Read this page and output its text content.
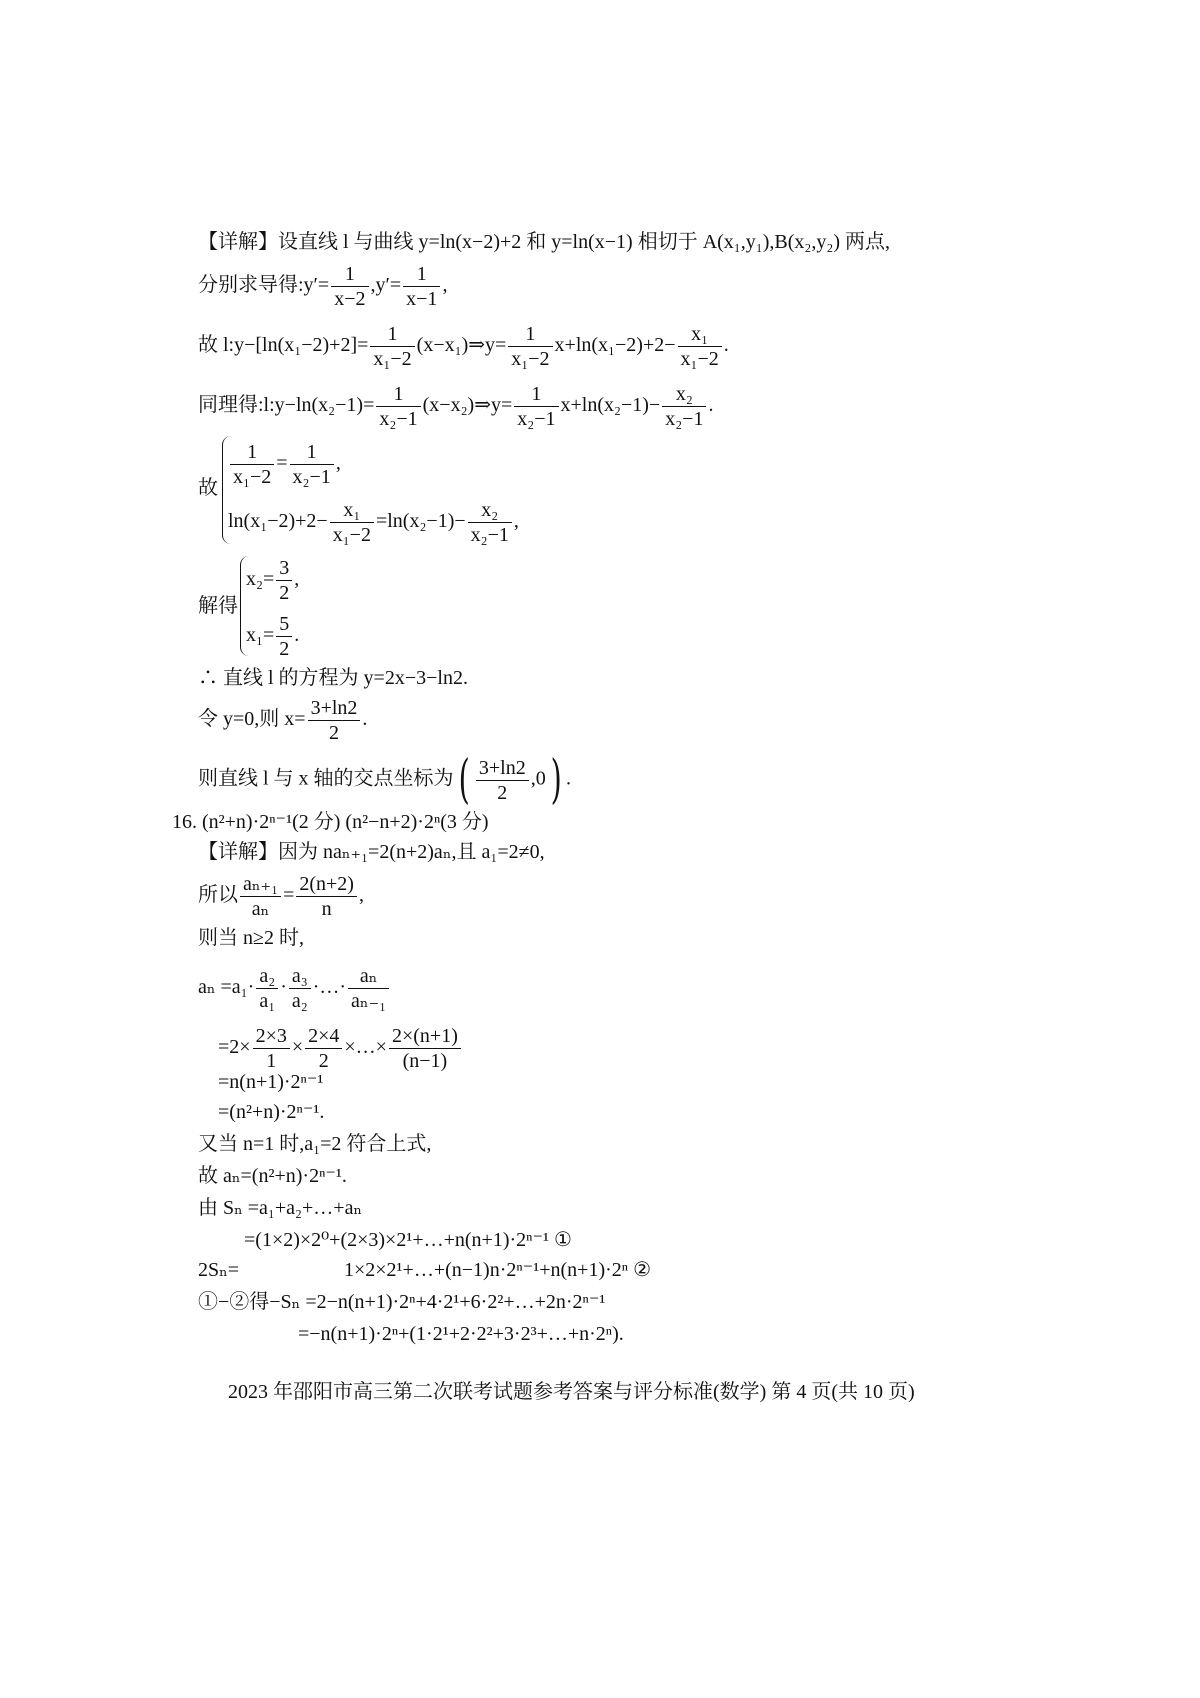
【详解】设直线 l 与曲线 y=ln(x−2)+2 和 y=ln(x−1) 相切于 A(x₁,y₁),B(x₂,y₂) 两点,
分别求导得:y′= $\frac{1}{x-2} ,y'= \frac{1}{x-1}$ ,
故 l:y−[ln(x₁−2)+2]= $\frac{1}{\text{x₁−2}}$ (x−x₁)⇒y= $\frac{1}{\text{x₁−2}} x+\ln(x_1-2)+2- \frac{\text{x₁}}{\text{x₁−2}}$ .
同理得:l:y−ln(x₂−1)= $\frac{1}{\text{x₂−1}}$ (x−x₂)⇒y= $\frac{1}{\text{x₂−1}} x+\ln(x_2-1)- \frac{\text{x₂}}{\text{x₂−1}}$ .
故 $\frac{1}{\text{x₁−2}} = \frac{1}{\text{x₂−1}}$ ,
$\ln(x_1-2)+2- \frac{\text{x₁}}{\text{x₁−2}} =\ln(x_2-1)- \frac{\text{x₂}}{\text{x₂−1}}$ ,
解得
$x_2= \frac{3}{2}$ ,
$x_1= \frac{5}{2}$ .
∴ 直线 l 的方程为 y=2x−3−ln2.
令 y=0,则 $x= \frac{3+\ln 2}{2}$ .
则直线 l 与 x 轴的交点坐标为( $\frac{3+\ln 2}{2} ,0$) .
16. (n²+n)·2ⁿ⁻¹(2 分) (n²−n+2)·2ⁿ(3 分)
【详解】因为 naₙ₊₁=2(n+2)aₙ,且 a₁=2≠0,
所以 $\frac{\text{aₙ₊₁}}{\text{aₙ}} = \frac{2(n+2)}{n}$ ,
则当 n≥2 时,
$a_n =a_1\cdot \frac{\text{a₂}}{\text{a₁}} \cdot \frac{\text{a₃}}{\text{a₂}}$ ·…· $\frac{\text{aₙ}}{\text{aₙ₋₁}}$
$=2\times \frac{2\times 3}{1} \times \frac{2\times 4}{2}$ ×…× $\frac{2\times(n+1)}{(n-1)}$
=n(n+1)·2ⁿ⁻¹
=(n²+n)·2ⁿ⁻¹.
又当 n=1 时,a₁=2 符合上式,
故 aₙ=(n²+n)·2ⁿ⁻¹.
由 Sₙ =a₁+a₂+…+aₙ
=(1×2)×2⁰+(2×3)×2¹+…+n(n+1)·2ⁿ⁻¹ ①
2Sₙ=	1×2×2¹+…+(n−1)n·2ⁿ⁻¹+n(n+1)·2ⁿ ②
①−②得−Sₙ =2−n(n+1)·2ⁿ+4·2¹+6·2²+…+2n·2ⁿ⁻¹
=−n(n+1)·2ⁿ+(1·2¹+2·2²+3·2³+…+n·2ⁿ).
2023 年邵阳市高三第二次联考试题参考答案与评分标准(数学) 第 4 页(共 10 页)
